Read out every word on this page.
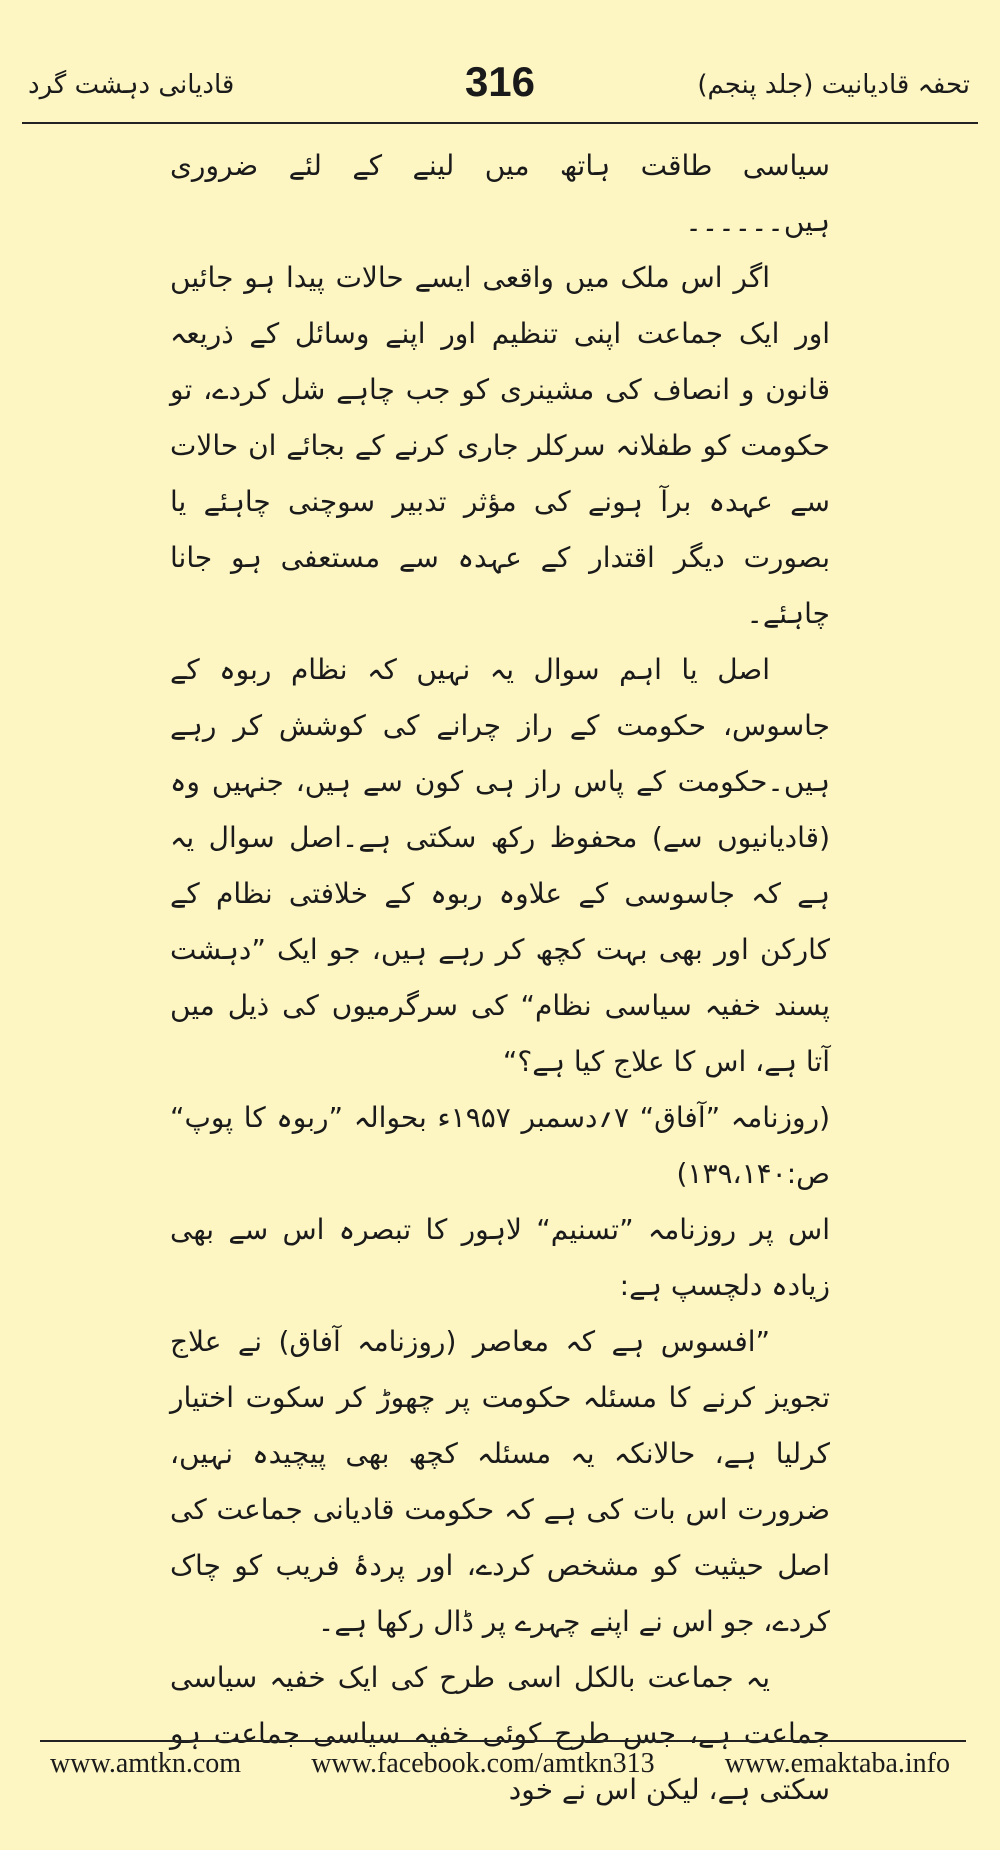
قادیانی دہشت گرد	316	تحفہ قادیانیت (جلد پنجم)

سیاسی طاقت ہاتھ میں لینے کے لئے ضروری ہیں۔۔۔۔۔۔

اگر اس ملک میں واقعی ایسے حالات پیدا ہو جائیں اور ایک جماعت اپنی تنظیم اور اپنے وسائل کے ذریعہ قانون و انصاف کی مشینری کو جب چاہے شل کردے، تو حکومت کو طفلانہ سرکلر جاری کرنے کے بجائے ان حالات سے عہدہ برآ ہونے کی مؤثر تدبیر سوچنی چاہئے یا بصورت دیگر اقتدار کے عہدہ سے مستعفی ہو جانا چاہئے۔

اصل یا اہم سوال یہ نہیں کہ نظام ربوہ کے جاسوس، حکومت کے راز چرانے کی کوشش کر رہے ہیں۔حکومت کے پاس راز ہی کون سے ہیں، جنہیں وہ (قادیانیوں سے) محفوظ رکھ سکتی ہے۔اصل سوال یہ ہے کہ جاسوسی کے علاوہ ربوہ کے خلافتی نظام کے کارکن اور بھی بہت کچھ کر رہے ہیں، جو ایک ”دہشت پسند خفیہ سیاسی نظام“ کی سرگرمیوں کی ذیل میں آتا ہے، اس کا علاج کیا ہے؟“

(روزنامہ ”آفاق“ ۷؍دسمبر ۱۹۵۷ء بحوالہ ”ربوہ کا پوپ“ ص:۱۳۹،۱۴۰)

اس پر روزنامہ ”تسنیم“ لاہور کا تبصرہ اس سے بھی زیادہ دلچسپ ہے:

”افسوس ہے کہ معاصر (روزنامہ آفاق) نے علاج تجویز کرنے کا مسئلہ حکومت پر چھوڑ کر سکوت اختیار کرلیا ہے، حالانکہ یہ مسئلہ کچھ بھی پیچیدہ نہیں، ضرورت اس بات کی ہے کہ حکومت قادیانی جماعت کی اصل حیثیت کو مشخص کردے، اور پردۂ فریب کو چاک کردے، جو اس نے اپنے چہرے پر ڈال رکھا ہے۔

یہ جماعت بالکل اسی طرح کی ایک خفیہ سیاسی جماعت ہے، جس طرح کوئی خفیہ سیاسی جماعت ہو سکتی ہے، لیکن اس نے خود

www.amtkn.com	www.facebook.com/amtkn313	www.emaktaba.info
